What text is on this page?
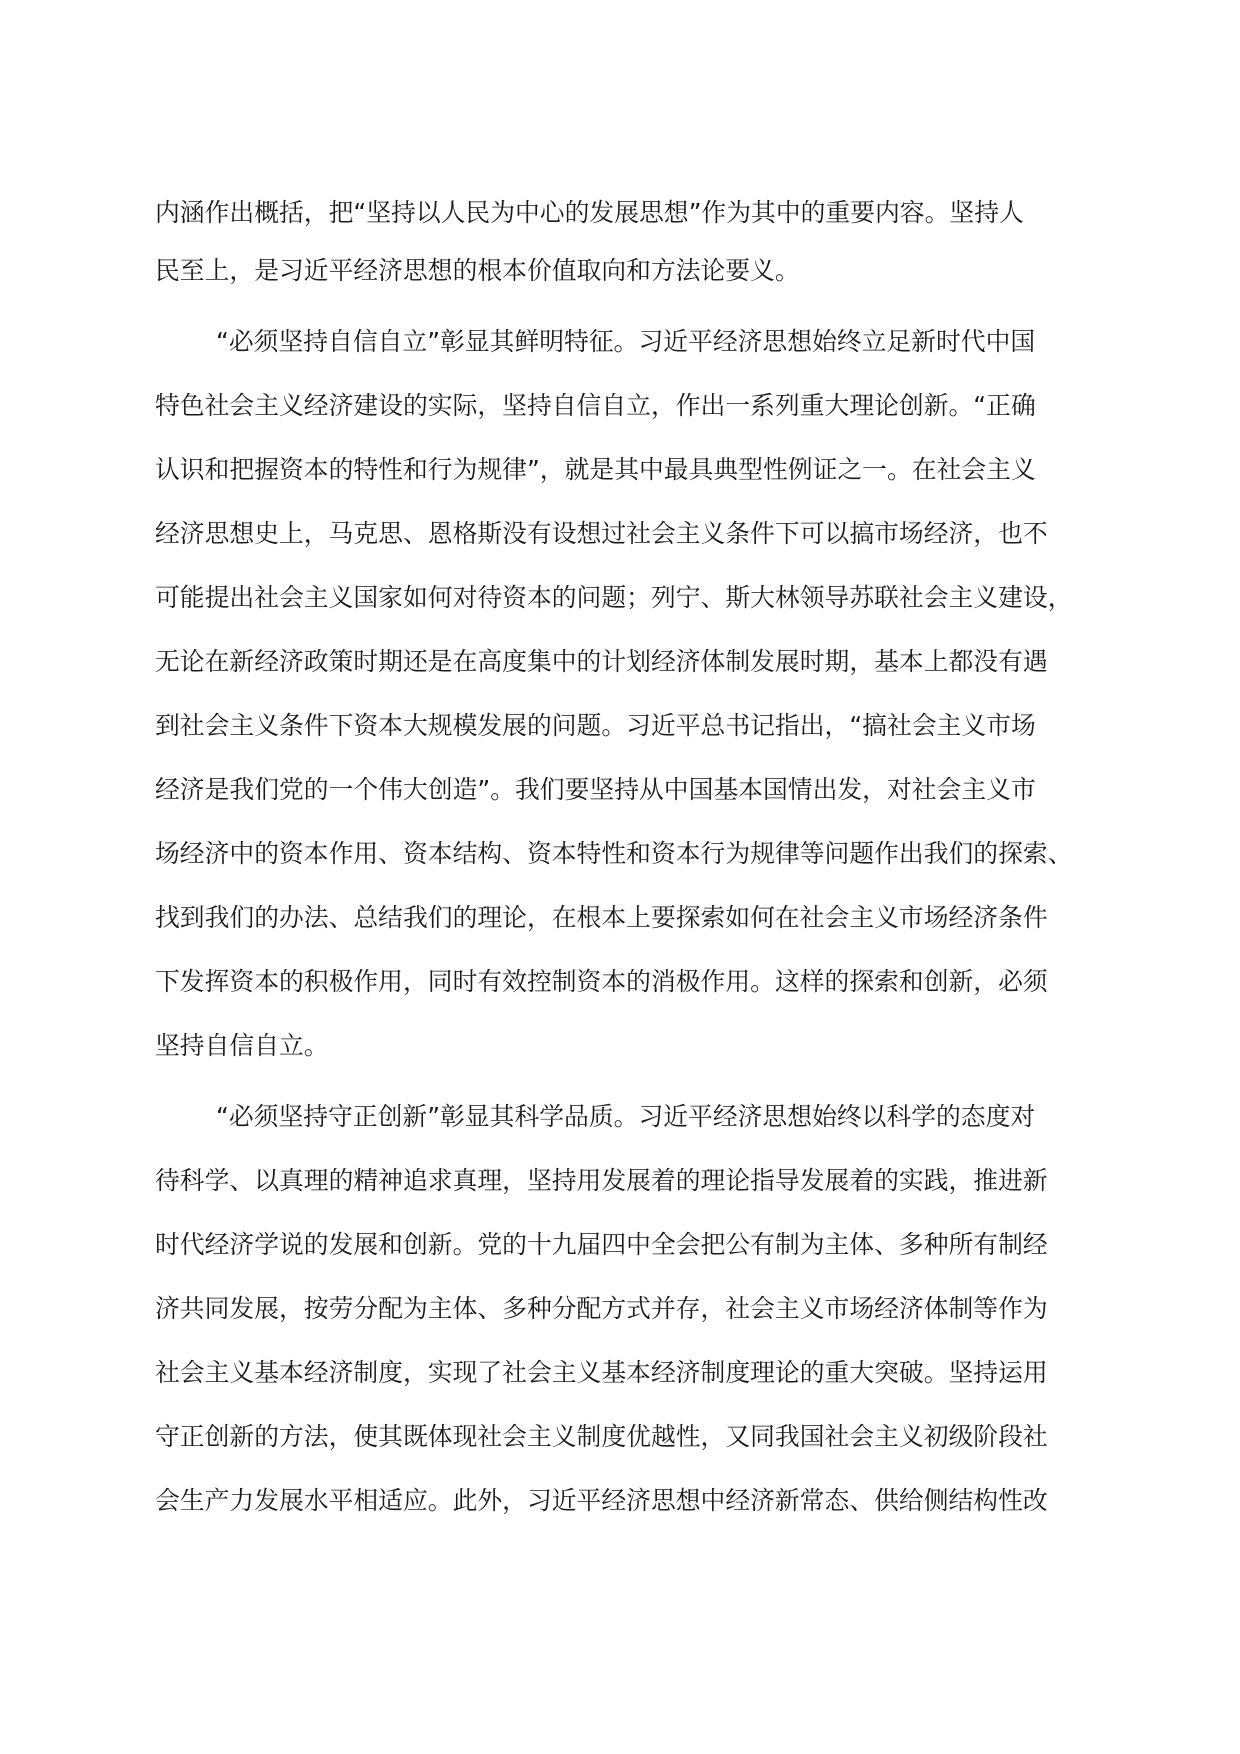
内涵作出概括，把“坚持以人民为中心的发展思想”作为其中的重要内容。坚持人

民至上，是习近平经济思想的根本价值取向和方法论要义。

“必须坚持自信自立”彰显其鲜明特征。习近平经济思想始终立足新时代中国

特色社会主义经济建设的实际，坚持自信自立，作出一系列重大理论创新。“正确

认识和把握资本的特性和行为规律”，就是其中最具典型性例证之一。在社会主义

经济思想史上，马克思、恩格斯没有设想过社会主义条件下可以搞市场经济，也不

可能提出社会主义国家如何对待资本的问题；列宁、斯大林领导苏联社会主义建设，

无论在新经济政策时期还是在高度集中的计划经济体制发展时期，基本上都没有遇

到社会主义条件下资本大规模发展的问题。习近平总书记指出，“搞社会主义市场

经济是我们党的一个伟大创造”。我们要坚持从中国基本国情出发，对社会主义市

场经济中的资本作用、资本结构、资本特性和资本行为规律等问题作出我们的探索、

找到我们的办法、总结我们的理论，在根本上要探索如何在社会主义市场经济条件

下发挥资本的积极作用，同时有效控制资本的消极作用。这样的探索和创新，必须

坚持自信自立。

“必须坚持守正创新”彰显其科学品质。习近平经济思想始终以科学的态度对

待科学、以真理的精神追求真理，坚持用发展着的理论指导发展着的实践，推进新

时代经济学说的发展和创新。党的十九届四中全会把公有制为主体、多种所有制经

济共同发展，按劳分配为主体、多种分配方式并存，社会主义市场经济体制等作为

社会主义基本经济制度，实现了社会主义基本经济制度理论的重大突破。坚持运用

守正创新的方法，使其既体现社会主义制度优越性，又同我国社会主义初级阶段社

会生产力发展水平相适应。此外，习近平经济思想中经济新常态、供给侧结构性改
